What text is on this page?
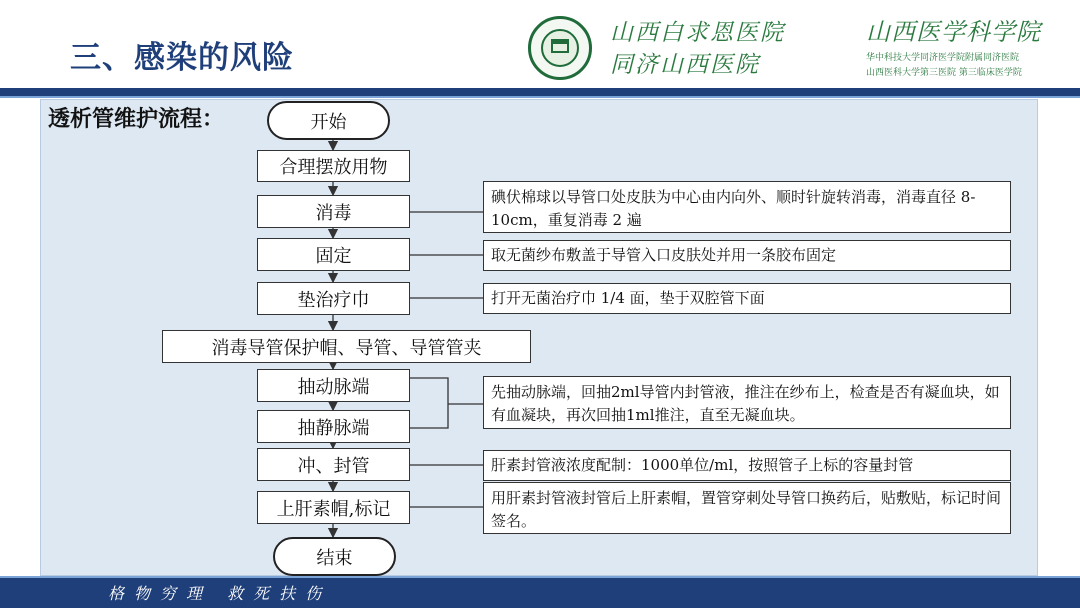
三、感染的风险
山西白求恩医院
同济山西医院
山西医学科学院
华中科技大学同济医学院附属同济医院
山西医科大学第三医院 第三临床医学院
透析管维护流程：	开始
合理摆放用物
消毒
固定
垫治疗巾
消毒导管保护帽、导管、导管管夹
抽动脉端
抽静脉端
冲、封管
上肝素帽,标记
结束
碘伏棉球以导管口处皮肤为中心由内向外、顺时针旋转消毒，消毒直径 8-10cm，重复消毒 2 遍
取无菌纱布敷盖于导管入口皮肤处并用一条胶布固定
打开无菌治疗巾 1/4 面，垫于双腔管下面
先抽动脉端，回抽2ml导管内封管液，推注在纱布上，检查是否有凝血块，如有血凝块，再次回抽1ml推注，直至无凝血块。
肝素封管液浓度配制：1000单位/ml，按照管子上标的容量封管
用肝素封管液封管后上肝素帽，置管穿刺处导管口换药后，贴敷贴，标记时间签名。
格物穷理 救死扶伤
